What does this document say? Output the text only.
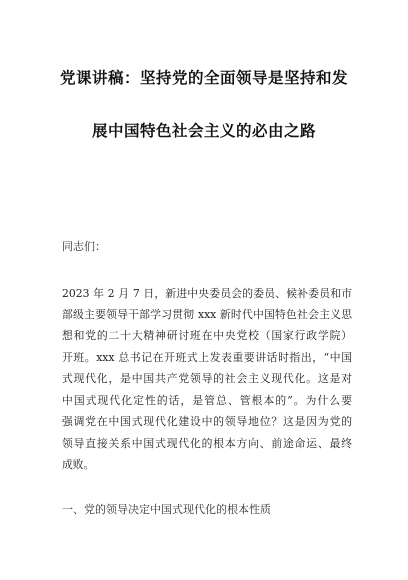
党课讲稿：坚持党的全面领导是坚持和发
展中国特色社会主义的必由之路
同志们：
2023 年 2 月 7 日，新进中央委员会的委员、候补委员和市
部级主要领导干部学习贯彻 xxx 新时代中国特色社会主义思
想和党的二十大精神研讨班在中央党校（国家行政学院）
开班。xxx 总书记在开班式上发表重要讲话时指出，“中国
式现代化，是中国共产党领导的社会主义现代化。这是对
中国式现代化定性的话，是管总、管根本的”。为什么要
强调党在中国式现代化建设中的领导地位？这是因为党的
领导直接关系中国式现代化的根本方向、前途命运、最终
成败。
一、党的领导决定中国式现代化的根本性质
